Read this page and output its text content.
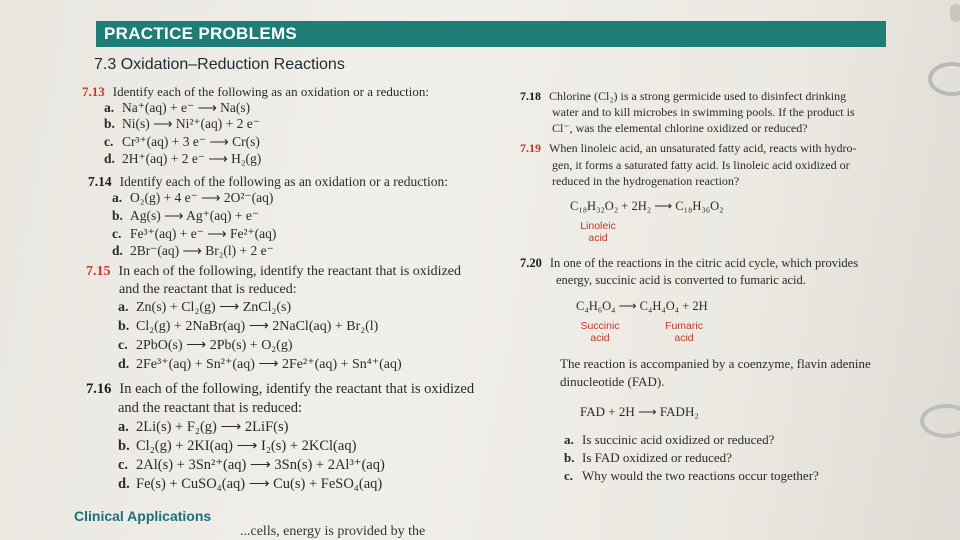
PRACTICE PROBLEMS
7.3 Oxidation–Reduction Reactions
7.13 Identify each of the following as an oxidation or a reduction:
a. Na⁺(aq) + e⁻ ⟶ Na(s)
b. Ni(s) ⟶ Ni²⁺(aq) + 2 e⁻
c. Cr³⁺(aq) + 3 e⁻ ⟶ Cr(s)
d. 2H⁺(aq) + 2 e⁻ ⟶ H₂(g)
7.14 Identify each of the following as an oxidation or a reduction:
a. O₂(g) + 4 e⁻ ⟶ 2O²⁻(aq)
b. Ag(s) ⟶ Ag⁺(aq) + e⁻
c. Fe³⁺(aq) + e⁻ ⟶ Fe²⁺(aq)
d. 2Br⁻(aq) ⟶ Br₂(l) + 2 e⁻
7.15 In each of the following, identify the reactant that is oxidized
and the reactant that is reduced:
a. Zn(s) + Cl₂(g) ⟶ ZnCl₂(s)
b. Cl₂(g) + 2NaBr(aq) ⟶ 2NaCl(aq) + Br₂(l)
c. 2PbO(s) ⟶ 2Pb(s) + O₂(g)
d. 2Fe³⁺(aq) + Sn²⁺(aq) ⟶ 2Fe²⁺(aq) + Sn⁴⁺(aq)
7.16 In each of the following, identify the reactant that is oxidized
and the reactant that is reduced:
a. 2Li(s) + F₂(g) ⟶ 2LiF(s)
b. Cl₂(g) + 2KI(aq) ⟶ I₂(s) + 2KCl(aq)
c. 2Al(s) + 3Sn²⁺(aq) ⟶ 3Sn(s) + 2Al³⁺(aq)
d. Fe(s) + CuSO₄(aq) ⟶ Cu(s) + FeSO₄(aq)
Clinical Applications
...cells, energy is provided by the
7.18 Chlorine (Cl₂) is a strong germicide used to disinfect drinking
water and to kill microbes in swimming pools. If the product is
Cl⁻, was the elemental chlorine oxidized or reduced?
7.19 When linoleic acid, an unsaturated fatty acid, reacts with hydro-
gen, it forms a saturated fatty acid. Is linoleic acid oxidized or
reduced in the hydrogenation reaction?
C₁₈H₃₂O₂ + 2H₂ ⟶ C₁₈H₃₆O₂
Linoleic
acid
7.20 In one of the reactions in the citric acid cycle, which provides
energy, succinic acid is converted to fumaric acid.
C₄H₆O₄ ⟶ C₄H₄O₄ + 2H
Succinic
acid
Fumaric
acid
The reaction is accompanied by a coenzyme, flavin adenine
dinucleotide (FAD).
FAD + 2H ⟶ FADH₂
a. Is succinic acid oxidized or reduced?
b. Is FAD oxidized or reduced?
c. Why would the two reactions occur together?
